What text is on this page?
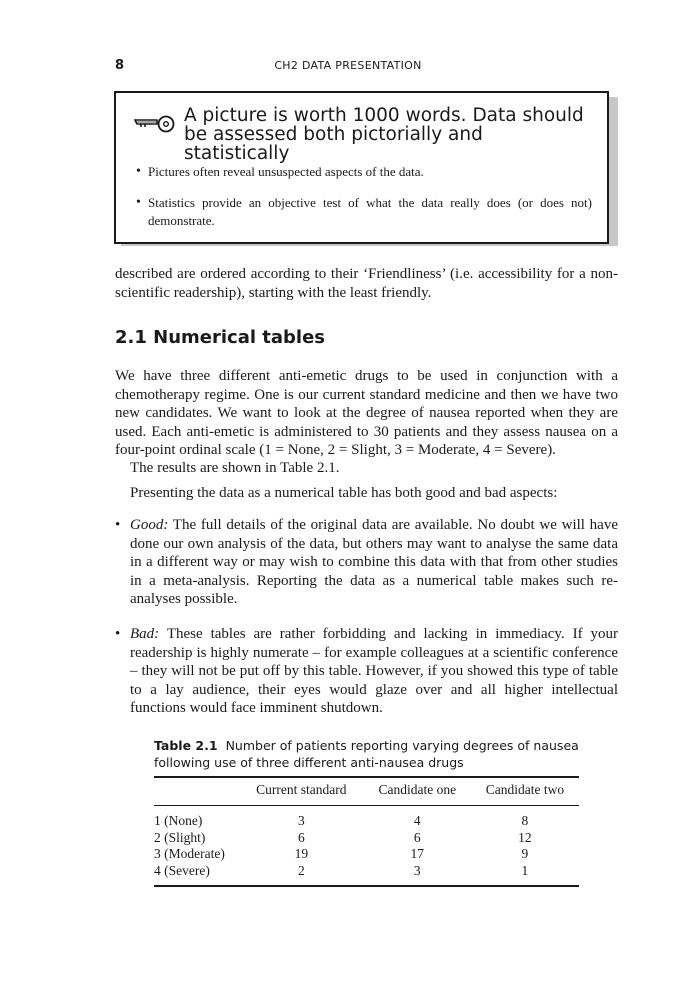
8	CH2 DATA PRESENTATION
A picture is worth 1000 words. Data should be assessed both pictorially and statistically
• Pictures often reveal unsuspected aspects of the data.
• Statistics provide an objective test of what the data really does (or does not) demonstrate.

described are ordered according to their ‘Friendliness’ (i.e. accessibility for a non-scientific readership), starting with the least friendly.

2.1 Numerical tables

We have three different anti-emetic drugs to be used in conjunction with a chemotherapy regime. One is our current standard medicine and then we have two new candidates. We want to look at the degree of nausea reported when they are used. Each anti-emetic is administered to 30 patients and they assess nausea on a four-point ordinal scale (1 = None, 2 = Slight, 3 = Moderate, 4 = Severe).

The results are shown in Table 2.1.

Presenting the data as a numerical table has both good and bad aspects:

• Good: The full details of the original data are available. No doubt we will have done our own analysis of the data, but others may want to analyse the same data in a different way or may wish to combine this data with that from other studies in a meta-analysis. Reporting the data as a numerical table makes such re-analyses possible.
• Bad: These tables are rather forbidding and lacking in immediacy. If your readership is highly numerate – for example colleagues at a scientific conference – they will not be put off by this table. However, if you showed this type of table to a lay audience, their eyes would glaze over and all higher intellectual functions would face imminent shutdown.
Table 2.1 Number of patients reporting varying degrees of nausea following use of three different anti-nausea drugs
	Current standard	Candidate one	Candidate two
1 (None)	3	4	8
2 (Slight)	6	6	12
3 (Moderate)	19	17	9
4 (Severe)	2	3	1
